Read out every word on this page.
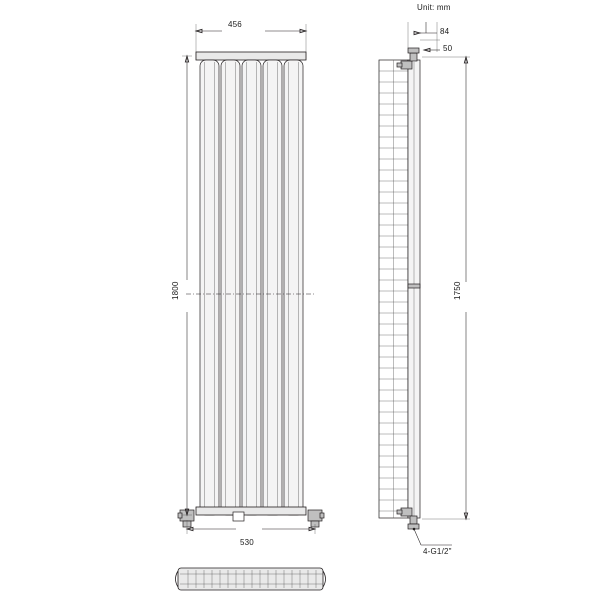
Unit: mm
456
84
50
1800	1750
530
4-G1/2"
